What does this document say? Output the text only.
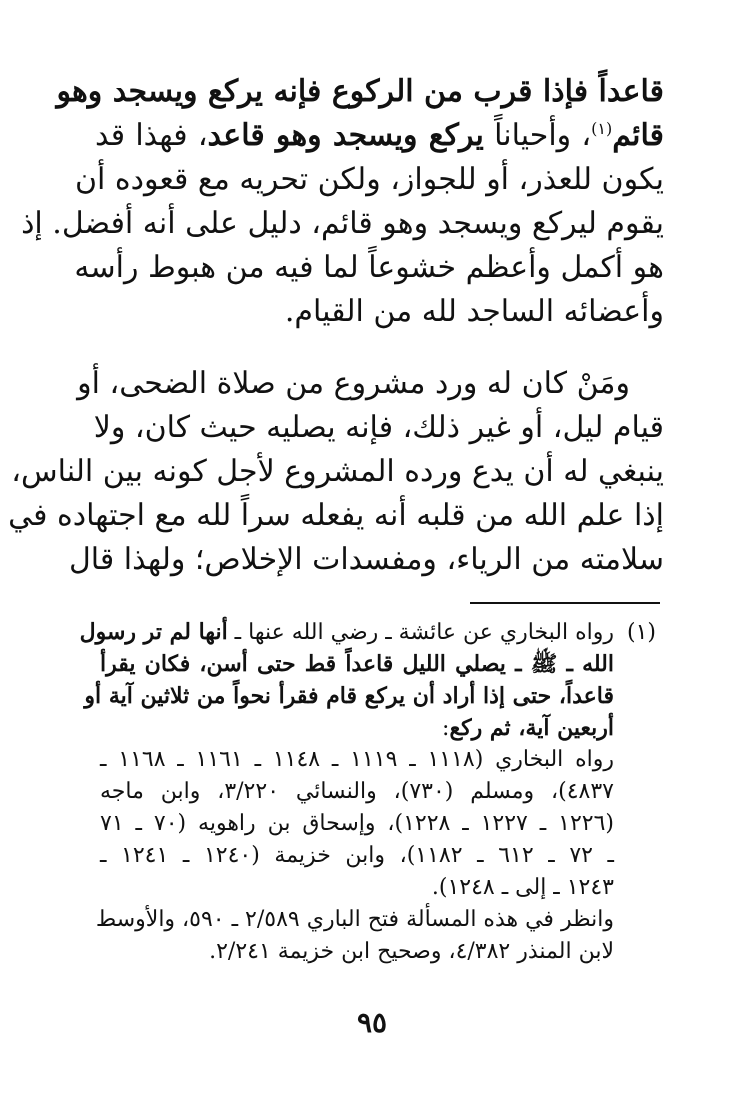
قاعداً فإذا قرب من الركوع فإنه يركع ويسجد وهو
قائم$^{(١)}$، وأحياناً يركع ويسجد وهو قاعد، فهذا قد
يكون للعذر، أو للجواز، ولكن تحريه مع قعوده أن
يقوم ليركع ويسجد وهو قائم، دليل على أنه أفضل. إذ
هو أكمل وأعظم خشوعاً لما فيه من هبوط رأسه
وأعضائه الساجد لله من القيام.
ومَنْ كان له ورد مشروع من صلاة الضحى، أو
قيام ليل، أو غير ذلك، فإنه يصليه حيث كان، ولا
ينبغي له أن يدع ورده المشروع لأجل كونه بين الناس،
إذا علم الله من قلبه أنه يفعله سراً لله مع اجتهاده في
سلامته من الرياء، ومفسدات الإخلاص؛ ولهذا قال
(١)رواه البخاري عن عائشة ـ رضي الله عنها ـ أنها لم تر رسول
الله ـ ﷺ ـ يصلي الليل قاعداً قط حتى أسن، فكان يقرأ
قاعداً، حتى إذا أراد أن يركع قام فقرأ نحواً من ثلاثين آية أو
أربعين آية، ثم ركع:
رواه البخاري (١١١٨ ـ ١١١٩ ـ ١١٤٨ ـ ١١٦١ ـ ١١٦٨ ـ
٤٨٣٧)، ومسلم (٧٣٠)، والنسائي ٣/٢٢٠، وابن ماجه
(١٢٢٦ ـ ١٢٢٧ ـ ١٢٢٨)، وإسحاق بن راهويه (٧٠ ـ ٧١
ـ ٧٢ ـ ٦١٢ ـ ١١٨٢)، وابن خزيمة (١٢٤٠ ـ ١٢٤١ ـ
١٢٤٣ ـ إلى ـ ١٢٤٨).
وانظر في هذه المسألة فتح الباري ٢/٥٨٩ ـ ٥٩٠، والأوسط
لابن المنذر ٤/٣٨٢، وصحيح ابن خزيمة ٢/٢٤١.
٩٥
